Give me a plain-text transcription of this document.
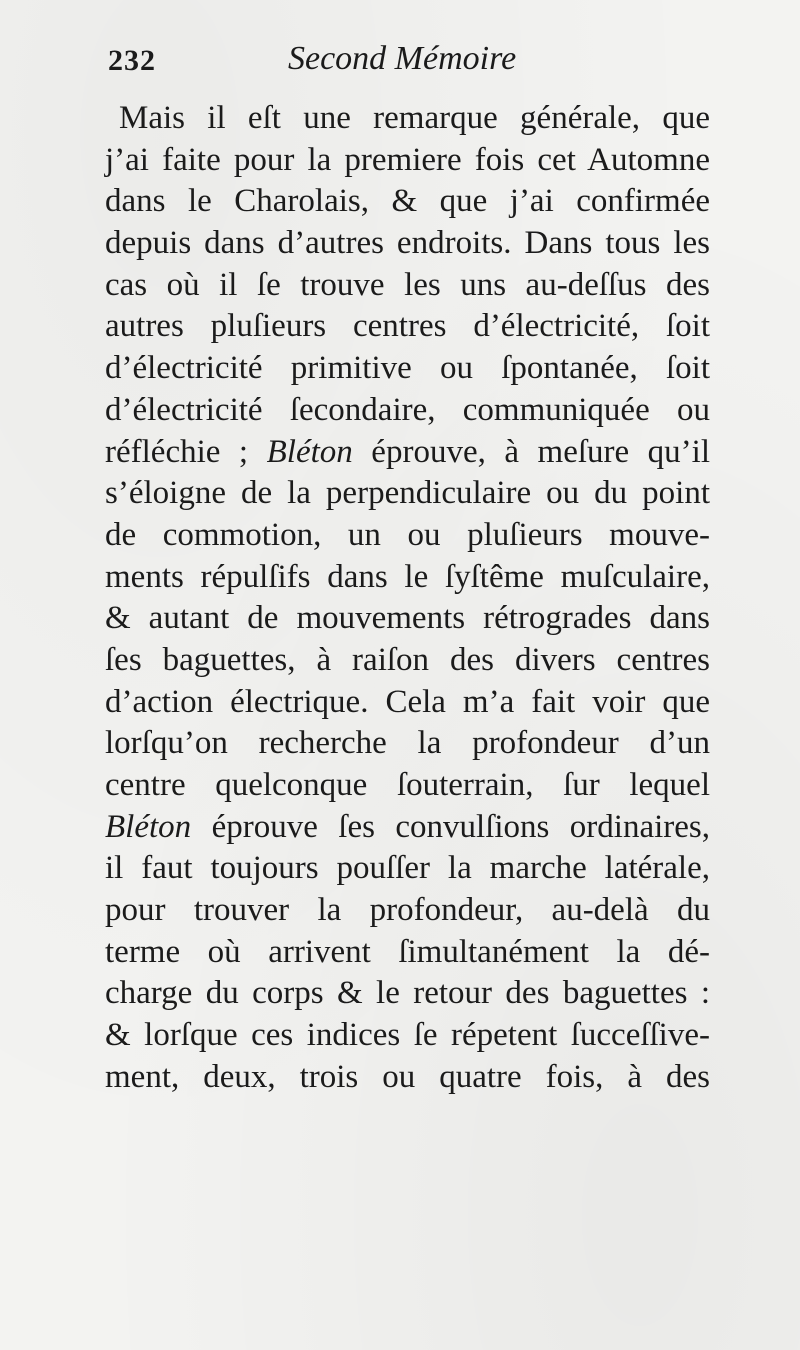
232	Second Mémoire
Mais il eſt une remarque générale, que
j’ai faite pour la premiere fois cet Automne
dans le Charolais, & que j’ai confirmée
depuis dans d’autres endroits. Dans tous les
cas où il ſe trouve les uns au-deſſus des
autres pluſieurs centres d’électricité, ſoit
d’électricité primitive ou ſpontanée, ſoit
d’électricité ſecondaire, communiquée ou
réfléchie ; Bléton éprouve, à meſure qu’il
s’éloigne de la perpendiculaire ou du point
de commotion, un ou pluſieurs mouve-
ments répulſifs dans le ſyſtême muſculaire,
& autant de mouvements rétrogrades dans
ſes baguettes, à raiſon des divers centres
d’action électrique. Cela m’a fait voir que
lorſqu’on recherche la profondeur d’un
centre quelconque ſouterrain, ſur lequel
Bléton éprouve ſes convulſions ordinaires,
il faut toujours pouſſer la marche latérale,
pour trouver la profondeur, au-delà du
terme où arrivent ſimultanément la dé-
charge du corps & le retour des baguettes :
& lorſque ces indices ſe répetent ſucceſſive-
ment, deux, trois ou quatre fois, à des
